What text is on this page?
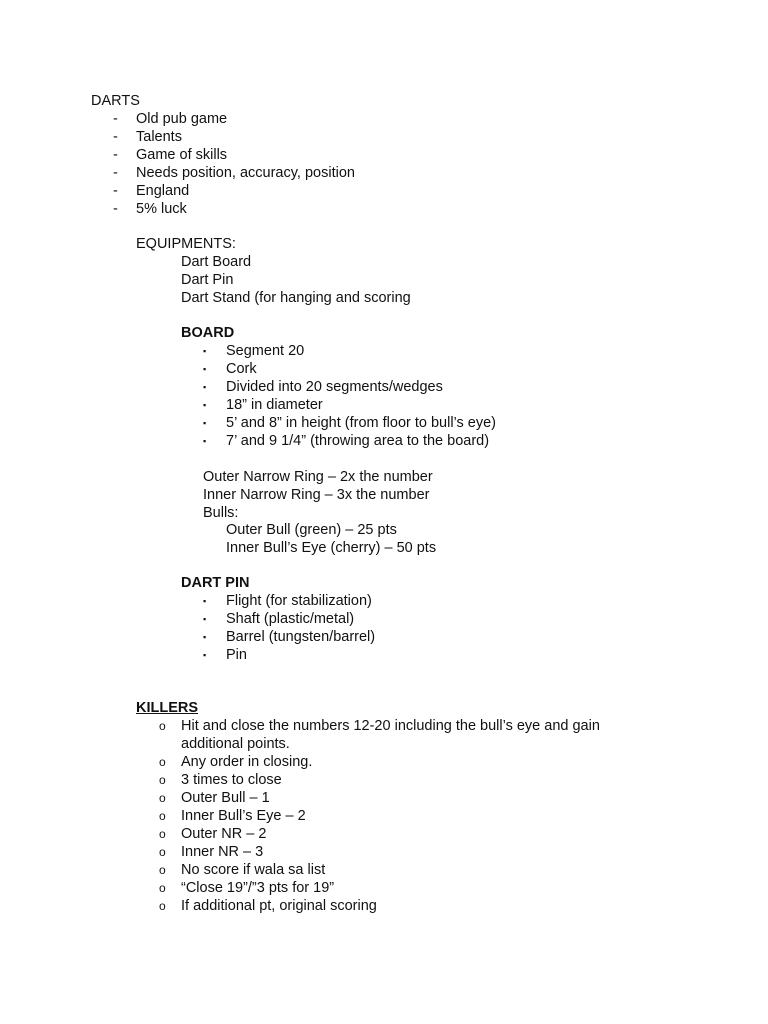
DARTS
- Old pub game
- Talents
- Game of skills
- Needs position, accuracy, position
- England
- 5% luck
EQUIPMENTS:
Dart Board
Dart Pin
Dart Stand (for hanging and scoring
BOARD
▪ Segment 20
▪ Cork
▪ Divided into 20 segments/wedges
▪ 18” in diameter
▪ 5’ and 8” in height (from floor to bull’s eye)
▪ 7’ and 9 1/4” (throwing area to the board)
Outer Narrow Ring – 2x the number
Inner Narrow Ring – 3x the number
Bulls:
Outer Bull (green) – 25 pts
Inner Bull’s Eye (cherry) – 50 pts
DART PIN
▪ Flight (for stabilization)
▪ Shaft (plastic/metal)
▪ Barrel (tungsten/barrel)
▪ Pin
KILLERS
o Hit and close the numbers 12-20 including the bull’s eye and gain
additional points.
o Any order in closing.
o 3 times to close
o Outer Bull – 1
o Inner Bull’s Eye – 2
o Outer NR – 2
o Inner NR – 3
o No score if wala sa list
o “Close 19”/”3 pts for 19”
o If additional pt, original scoring
